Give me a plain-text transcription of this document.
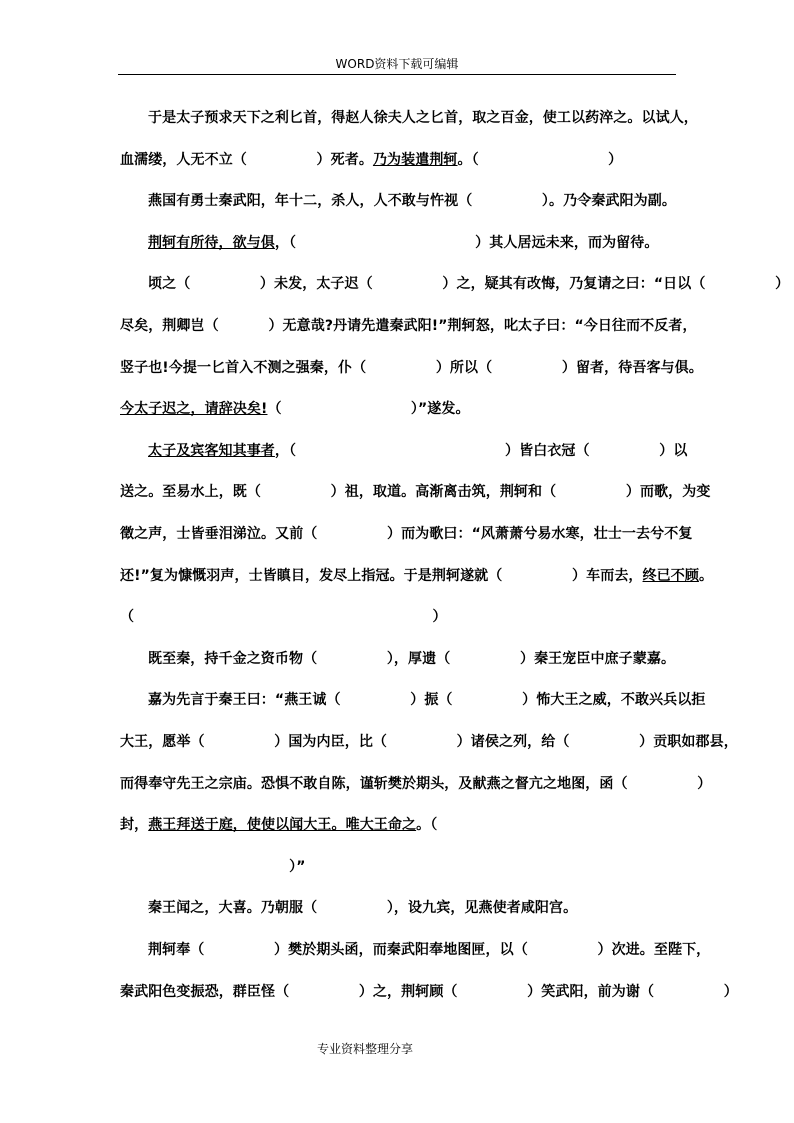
WORD资料下载可编辑
于是太子预求天下之利匕首，得赵人徐夫人之匕首，取之百金，使工以药淬之。以试人，
血濡缕，人无不立（              ）死者。乃为装遣荆轲。（                          ）
燕国有勇士秦武阳，年十二，杀人，人不敢与忤视（              ）。乃令秦武阳为副。
荆轲有所待，欲与俱，（                                    ）其人居远未来，而为留待。
顷之（              ）未发，太子迟（              ）之，疑其有改悔，乃复请之曰：“日以（              ）
尽矣，荆卿岂（          ）无意哉?丹请先遣秦武阳!”荆轲怒，叱太子曰：“今日往而不反者，
竖子也!今提一匕首入不测之强秦，仆（              ）所以（              ）留者，待吾客与俱。
今太子迟之，请辞决矣!（                          ）”遂发。
太子及宾客知其事者，（                                          ）皆白衣冠（              ）以
送之。至易水上，既（              ）祖，取道。高渐离击筑，荆轲和（              ）而歌，为变
徵之声，士皆垂泪涕泣。又前（              ）而为歌曰：“风萧萧兮易水寒，壮士一去兮不复
还!”复为慷慨羽声，士皆瞋目，发尽上指冠。于是荆轲遂就（              ）车而去，终已不顾。
（                                                            ）
既至秦，持千金之资币物（              ），厚遗（              ）秦王宠臣中庶子蒙嘉。
嘉为先言于秦王曰：“燕王诚（              ）振（              ）怖大王之威，不敢兴兵以拒
大王，愿举（              ）国为内臣，比（              ）诸侯之列，给（              ）贡职如郡县，
而得奉守先王之宗庙。恐惧不敢自陈，谨斩樊於期头，及献燕之督亢之地图，函（              ）
封，燕王拜送于庭，使使以闻大王。唯大王命之。（
）”
秦王闻之，大喜。乃朝服（              ），设九宾，见燕使者咸阳宫。
荆轲奉（              ）樊於期头函，而秦武阳奉地图匣，以（              ）次进。至陛下，
秦武阳色变振恐，群臣怪（              ）之，荆轲顾（              ）笑武阳，前为谢（              ）
专业资料整理分享
